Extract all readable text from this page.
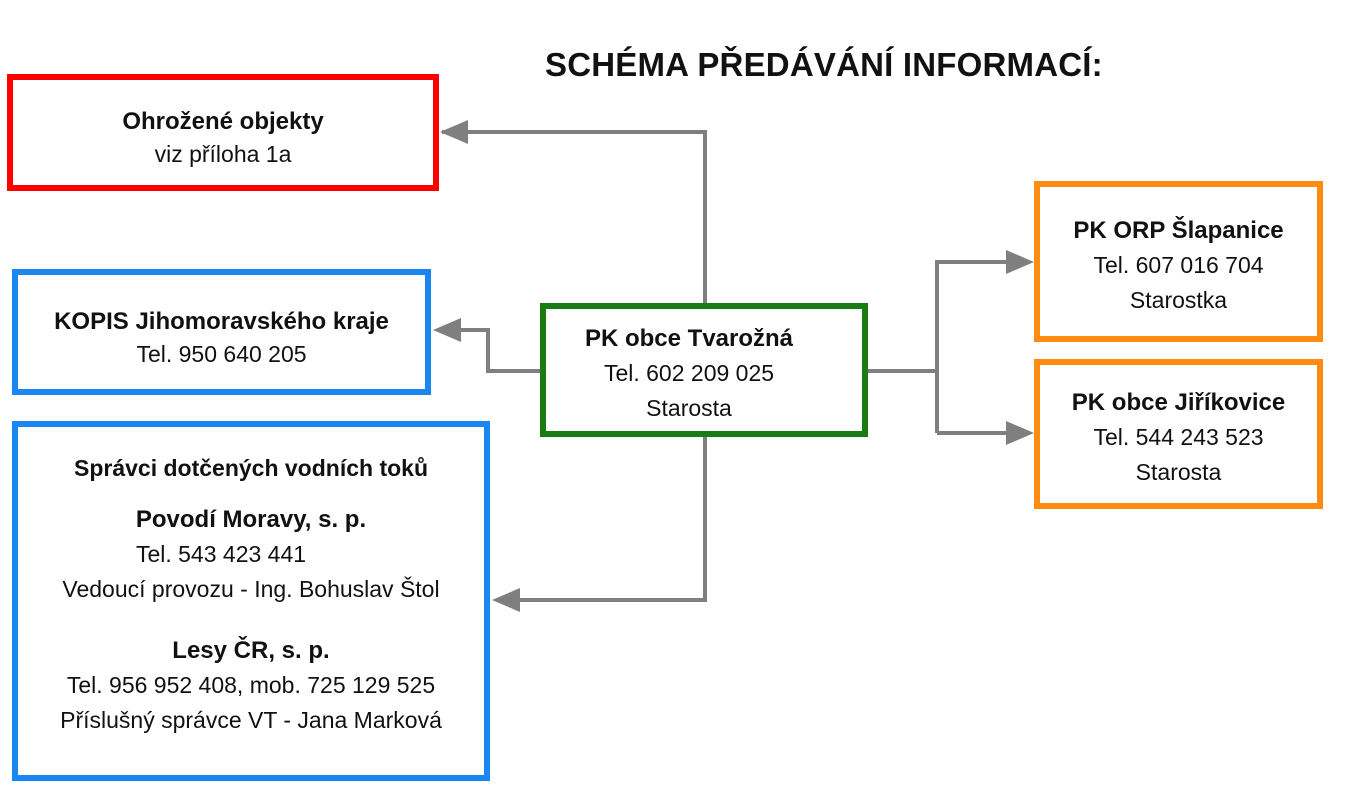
SCHÉMA PŘEDÁVÁNÍ INFORMACÍ:
Ohrožené objekty
viz příloha 1a
KOPIS Jihomoravského kraje
Tel. 950 640 205
PK obce Tvarožná
Tel. 602 209 025
Starosta
PK ORP Šlapanice
Tel. 607 016 704
Starostka
PK obce Jiříkovice
Tel. 544 243 523
Starosta
Správci dotčených vodních toků
Povodí Moravy, s. p.
Tel. 543 423 441
Vedoucí provozu - Ing. Bohuslav Štol
Lesy ČR, s. p.
Tel. 956 952 408, mob. 725 129 525
Příslušný správce VT - Jana Marková
